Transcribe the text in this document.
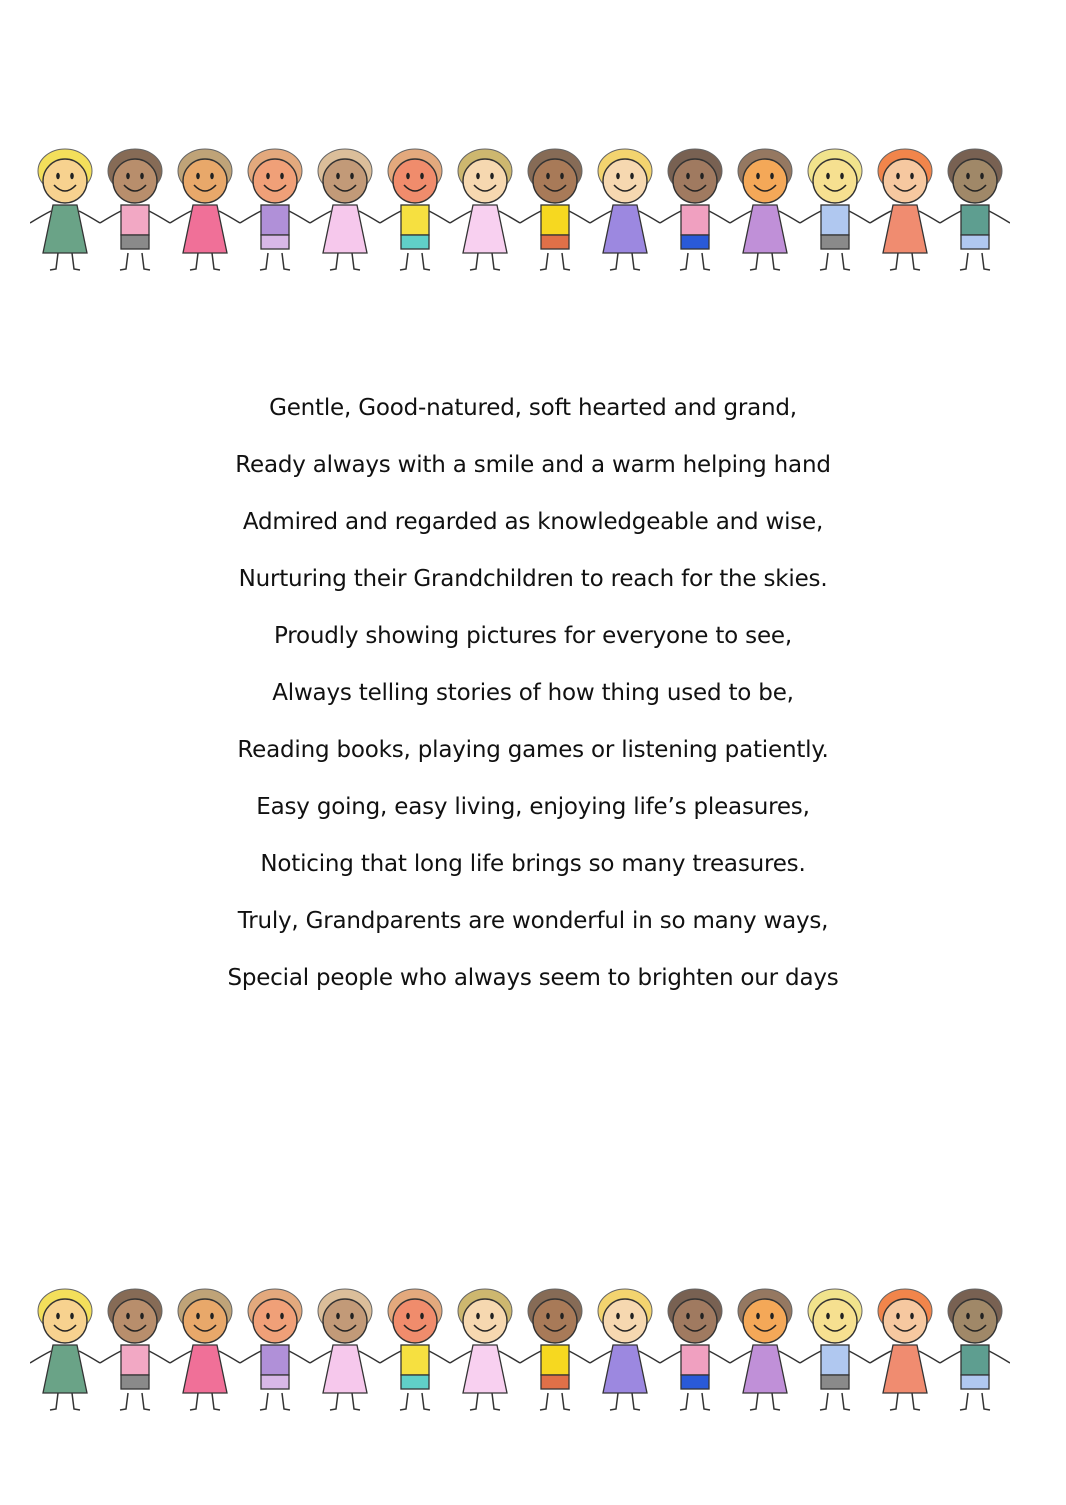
Gentle, Good-natured, soft hearted and grand,
Ready always with a smile and a warm helping hand
Admired and regarded as knowledgeable and wise,
Nurturing their Grandchildren to reach for the skies.
Proudly showing pictures for everyone to see,
Always telling stories of how thing used to be,
Reading books, playing games or listening patiently.
Easy going, easy living, enjoying life’s pleasures,
Noticing that long life brings so many treasures.
Truly, Grandparents are wonderful in so many ways,
Special people who always seem to brighten our days
